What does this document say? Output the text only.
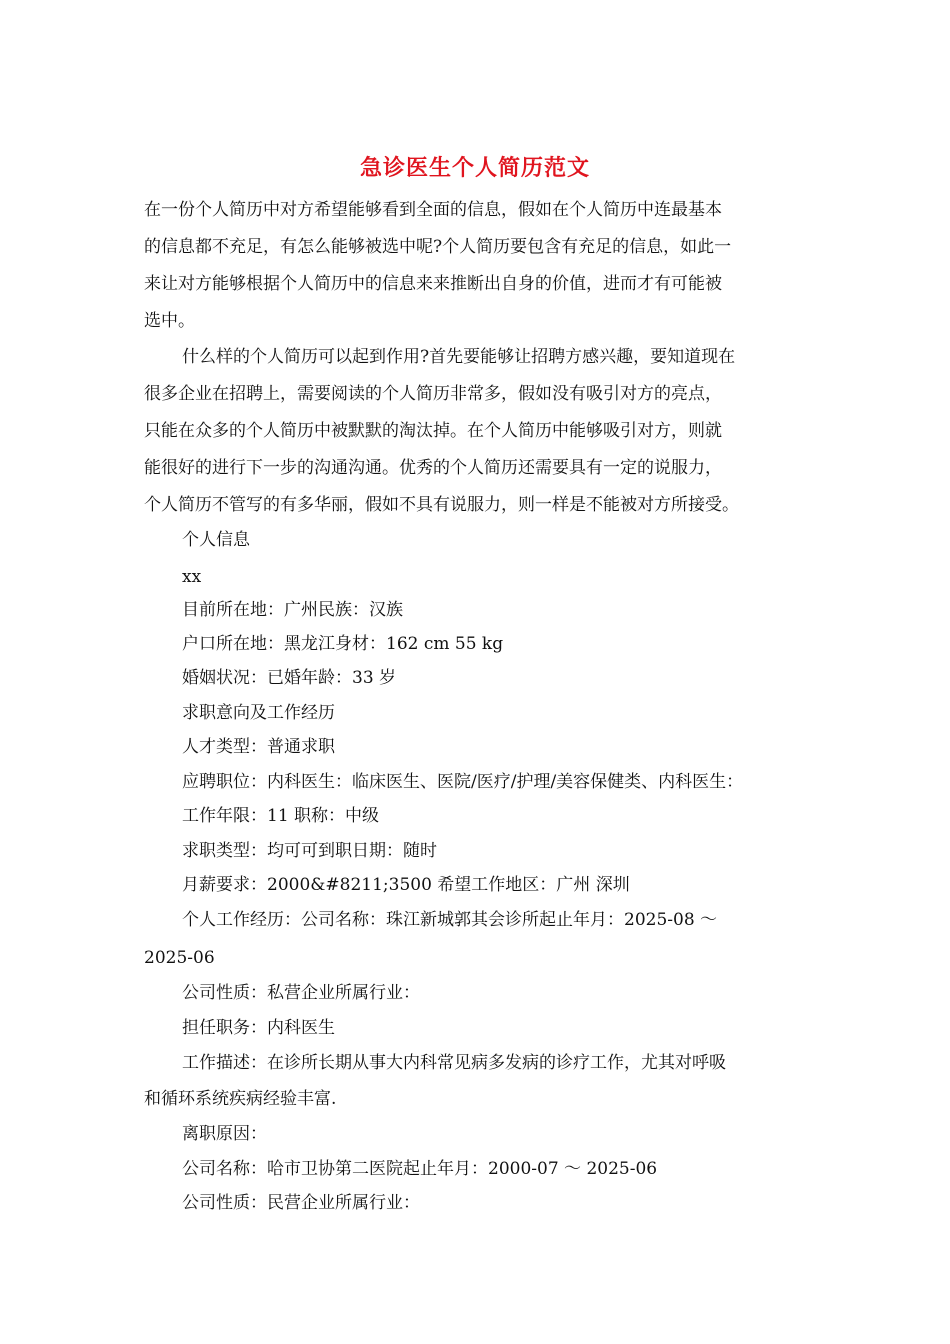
急诊医生个人简历范文
在一份个人简历中对方希望能够看到全面的信息，假如在个人简历中连最基本
的信息都不充足，有怎么能够被选中呢?个人简历要包含有充足的信息，如此一
来让对方能够根据个人简历中的信息来来推断出自身的价值，进而才有可能被
选中。
什么样的个人简历可以起到作用?首先要能够让招聘方感兴趣，要知道现在
很多企业在招聘上，需要阅读的个人简历非常多，假如没有吸引对方的亮点，
只能在众多的个人简历中被默默的淘汰掉。在个人简历中能够吸引对方，则就
能很好的进行下一步的沟通沟通。优秀的个人简历还需要具有一定的说服力，
个人简历不管写的有多华丽，假如不具有说服力，则一样是不能被对方所接受。
个人信息
xx
目前所在地：广州民族：汉族
户口所在地：黑龙江身材：162 cm 55 kg
婚姻状况：已婚年龄：33 岁
求职意向及工作经历
人才类型：普通求职
应聘职位：内科医生：临床医生、医院/医疗/护理/美容保健类、内科医生：
工作年限：11 职称：中级
求职类型：均可可到职日期：随时
月薪要求：2000&#8211;3500 希望工作地区：广州 深圳
个人工作经历：公司名称：珠江新城郭其会诊所起止年月：2025-08 ～
2025-06
公司性质：私营企业所属行业：
担任职务：内科医生
工作描述：在诊所长期从事大内科常见病多发病的诊疗工作，尤其对呼吸
和循环系统疾病经验丰富.
离职原因：
公司名称：哈市卫协第二医院起止年月：2000-07 ～ 2025-06
公司性质：民营企业所属行业：
